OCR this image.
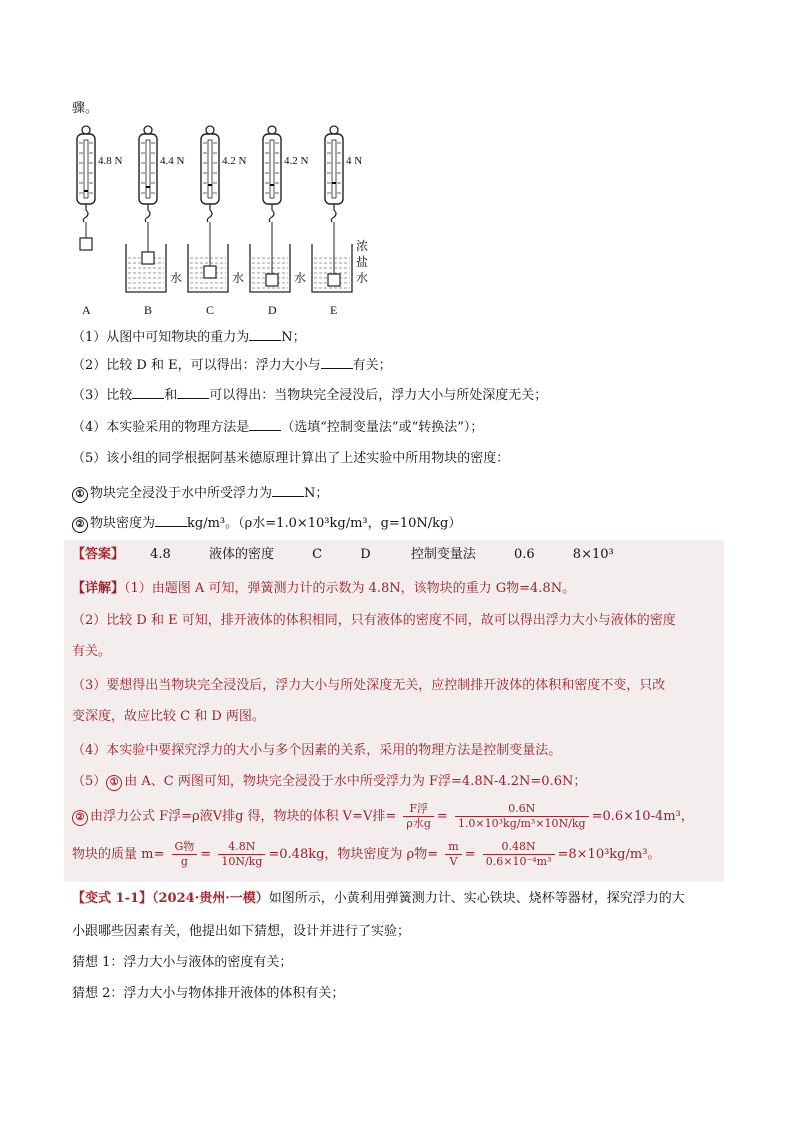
骤。
4.8 N
A
4.4 N
水
B
4.2 N
水
C
4.2 N
水
D
4 N
浓
盐
水
E
（1）从图中可知物块的重力为 N；
（2）比较 D 和 E，可以得出：浮力大小与 有关；
（3）比较 和 可以得出：当物块完全浸没后，浮力大小与所处深度无关；
（4）本实验采用的物理方法是 （选填“控制变量法”或“转换法”）；
（5）该小组的同学根据阿基米德原理计算出了上述实验中所用物块的密度：
① 物块完全浸没于水中所受浮力为 N；
② 物块密度为 kg/m³。（ρ水=1.0×10³kg/m³，g=10N/kg）
【答案】 4.8	液体的密度	C	D	控制变量法	0.6	8×10³
【详解】（1）由题图 A 可知，弹簧测力计的示数为 4.8N，该物块的重力 G物=4.8N。
（2）比较 D 和 E 可知，排开液体的体积相同，只有液体的密度不同，故可以得出浮力大小与液体的密度
有关。
（3）要想得出当物块完全浸没后，浮力大小与所处深度无关，应控制排开波体的体积和密度不变，只改
变深度，故应比较 C 和 D 两图。
（4）本实验中要探究浮力的大小与多个因素的关系，采用的物理方法是控制变量法。
（5） ① 由 A、C 两图可知，物块完全浸没于水中所受浮力为 F浮=4.8N-4.2N=0.6N；
② 由浮力公式 F浮=ρ液V排g 得，物块的体积 V=V排= $\frac{\text{F浮}}{\text{ρ水g}} = \frac{0.6N}{\text{1.0×10³kg/m³×10N/kg}} =0.6\times 10-4m^3$，
物块的质量 $m= \frac{\text{G物}}{g} = \frac{4.8N}{10N/kg} =0.48kg$，物块密度为 ρ物= $\frac{m}{V} = \frac{0.48N}{\text{0.6×10⁻⁴m³}} =8\times 10^3kg/m^3$。
【变式 1-1】（2024·贵州·一模）如图所示，小黄利用弹簧测力计、实心铁块、烧杯等器材，探究浮力的大
小跟哪些因素有关，他提出如下猜想，设计并进行了实验；
猜想 1：浮力大小与液体的密度有关；
猜想 2：浮力大小与物体排开液体的体积有关；
